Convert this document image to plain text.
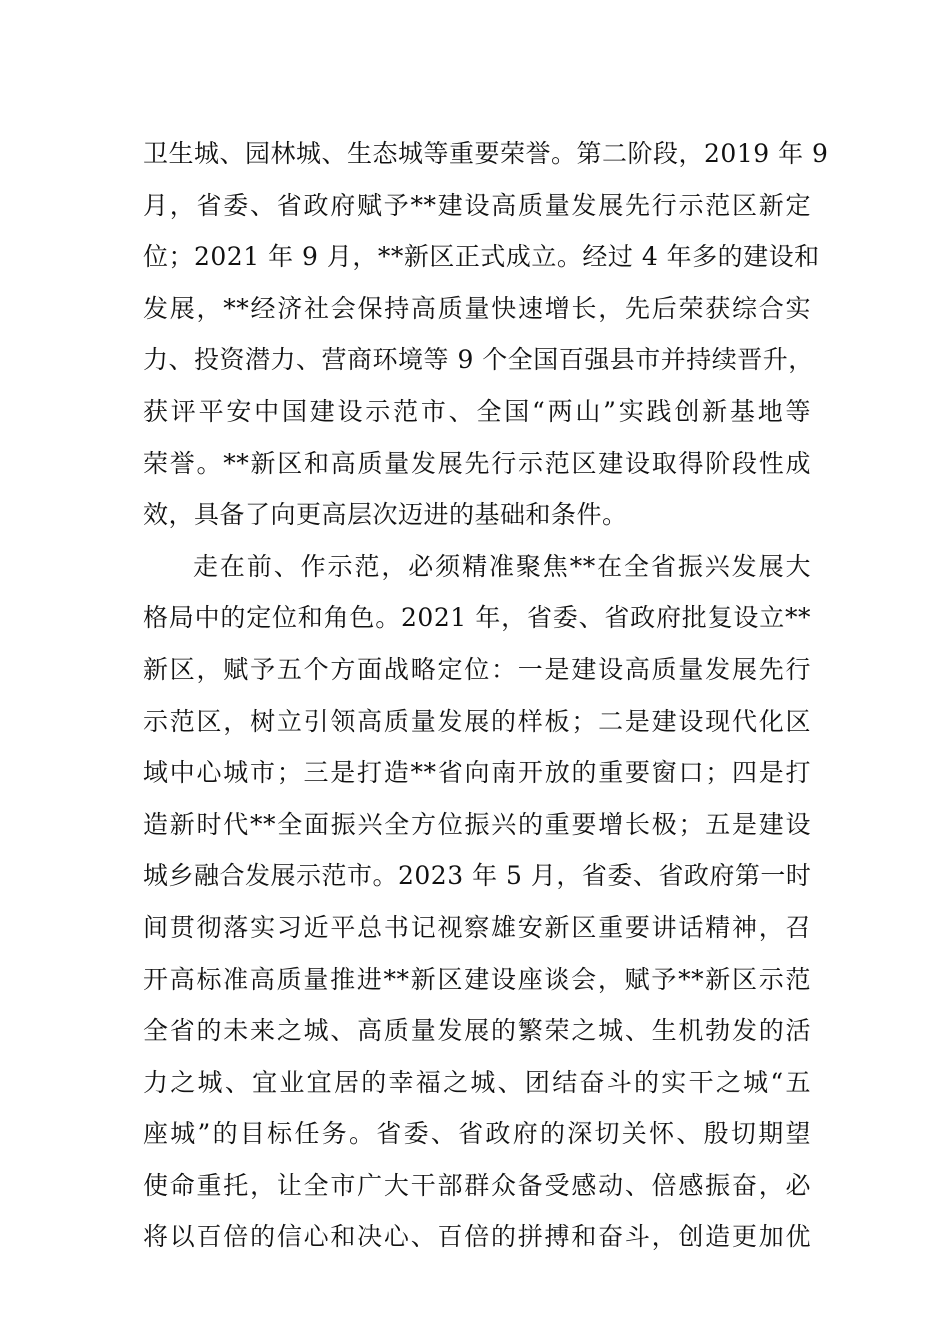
卫生城、园林城、生态城等重要荣誉。第二阶段，2019 年 9
月，省委、省政府赋予**建设高质量发展先行示范区新定
位；2021 年 9 月，**新区正式成立。经过 4 年多的建设和
发展，**经济社会保持高质量快速增长，先后荣获综合实
力、投资潜力、营商环境等 9 个全国百强县市并持续晋升，
获评平安中国建设示范市、全国“两山”实践创新基地等
荣誉。**新区和高质量发展先行示范区建设取得阶段性成
效，具备了向更高层次迈进的基础和条件。
走在前、作示范，必须精准聚焦**在全省振兴发展大
格局中的定位和角色。2021 年，省委、省政府批复设立**
新区，赋予五个方面战略定位：一是建设高质量发展先行
示范区，树立引领高质量发展的样板；二是建设现代化区
域中心城市；三是打造**省向南开放的重要窗口；四是打
造新时代**全面振兴全方位振兴的重要增长极；五是建设
城乡融合发展示范市。2023 年 5 月，省委、省政府第一时
间贯彻落实习近平总书记视察雄安新区重要讲话精神，召
开高标准高质量推进**新区建设座谈会，赋予**新区示范
全省的未来之城、高质量发展的繁荣之城、生机勃发的活
力之城、宜业宜居的幸福之城、团结奋斗的实干之城“五
座城”的目标任务。省委、省政府的深切关怀、殷切期望
使命重托，让全市广大干部群众备受感动、倍感振奋，必
将以百倍的信心和决心、百倍的拼搏和奋斗，创造更加优
